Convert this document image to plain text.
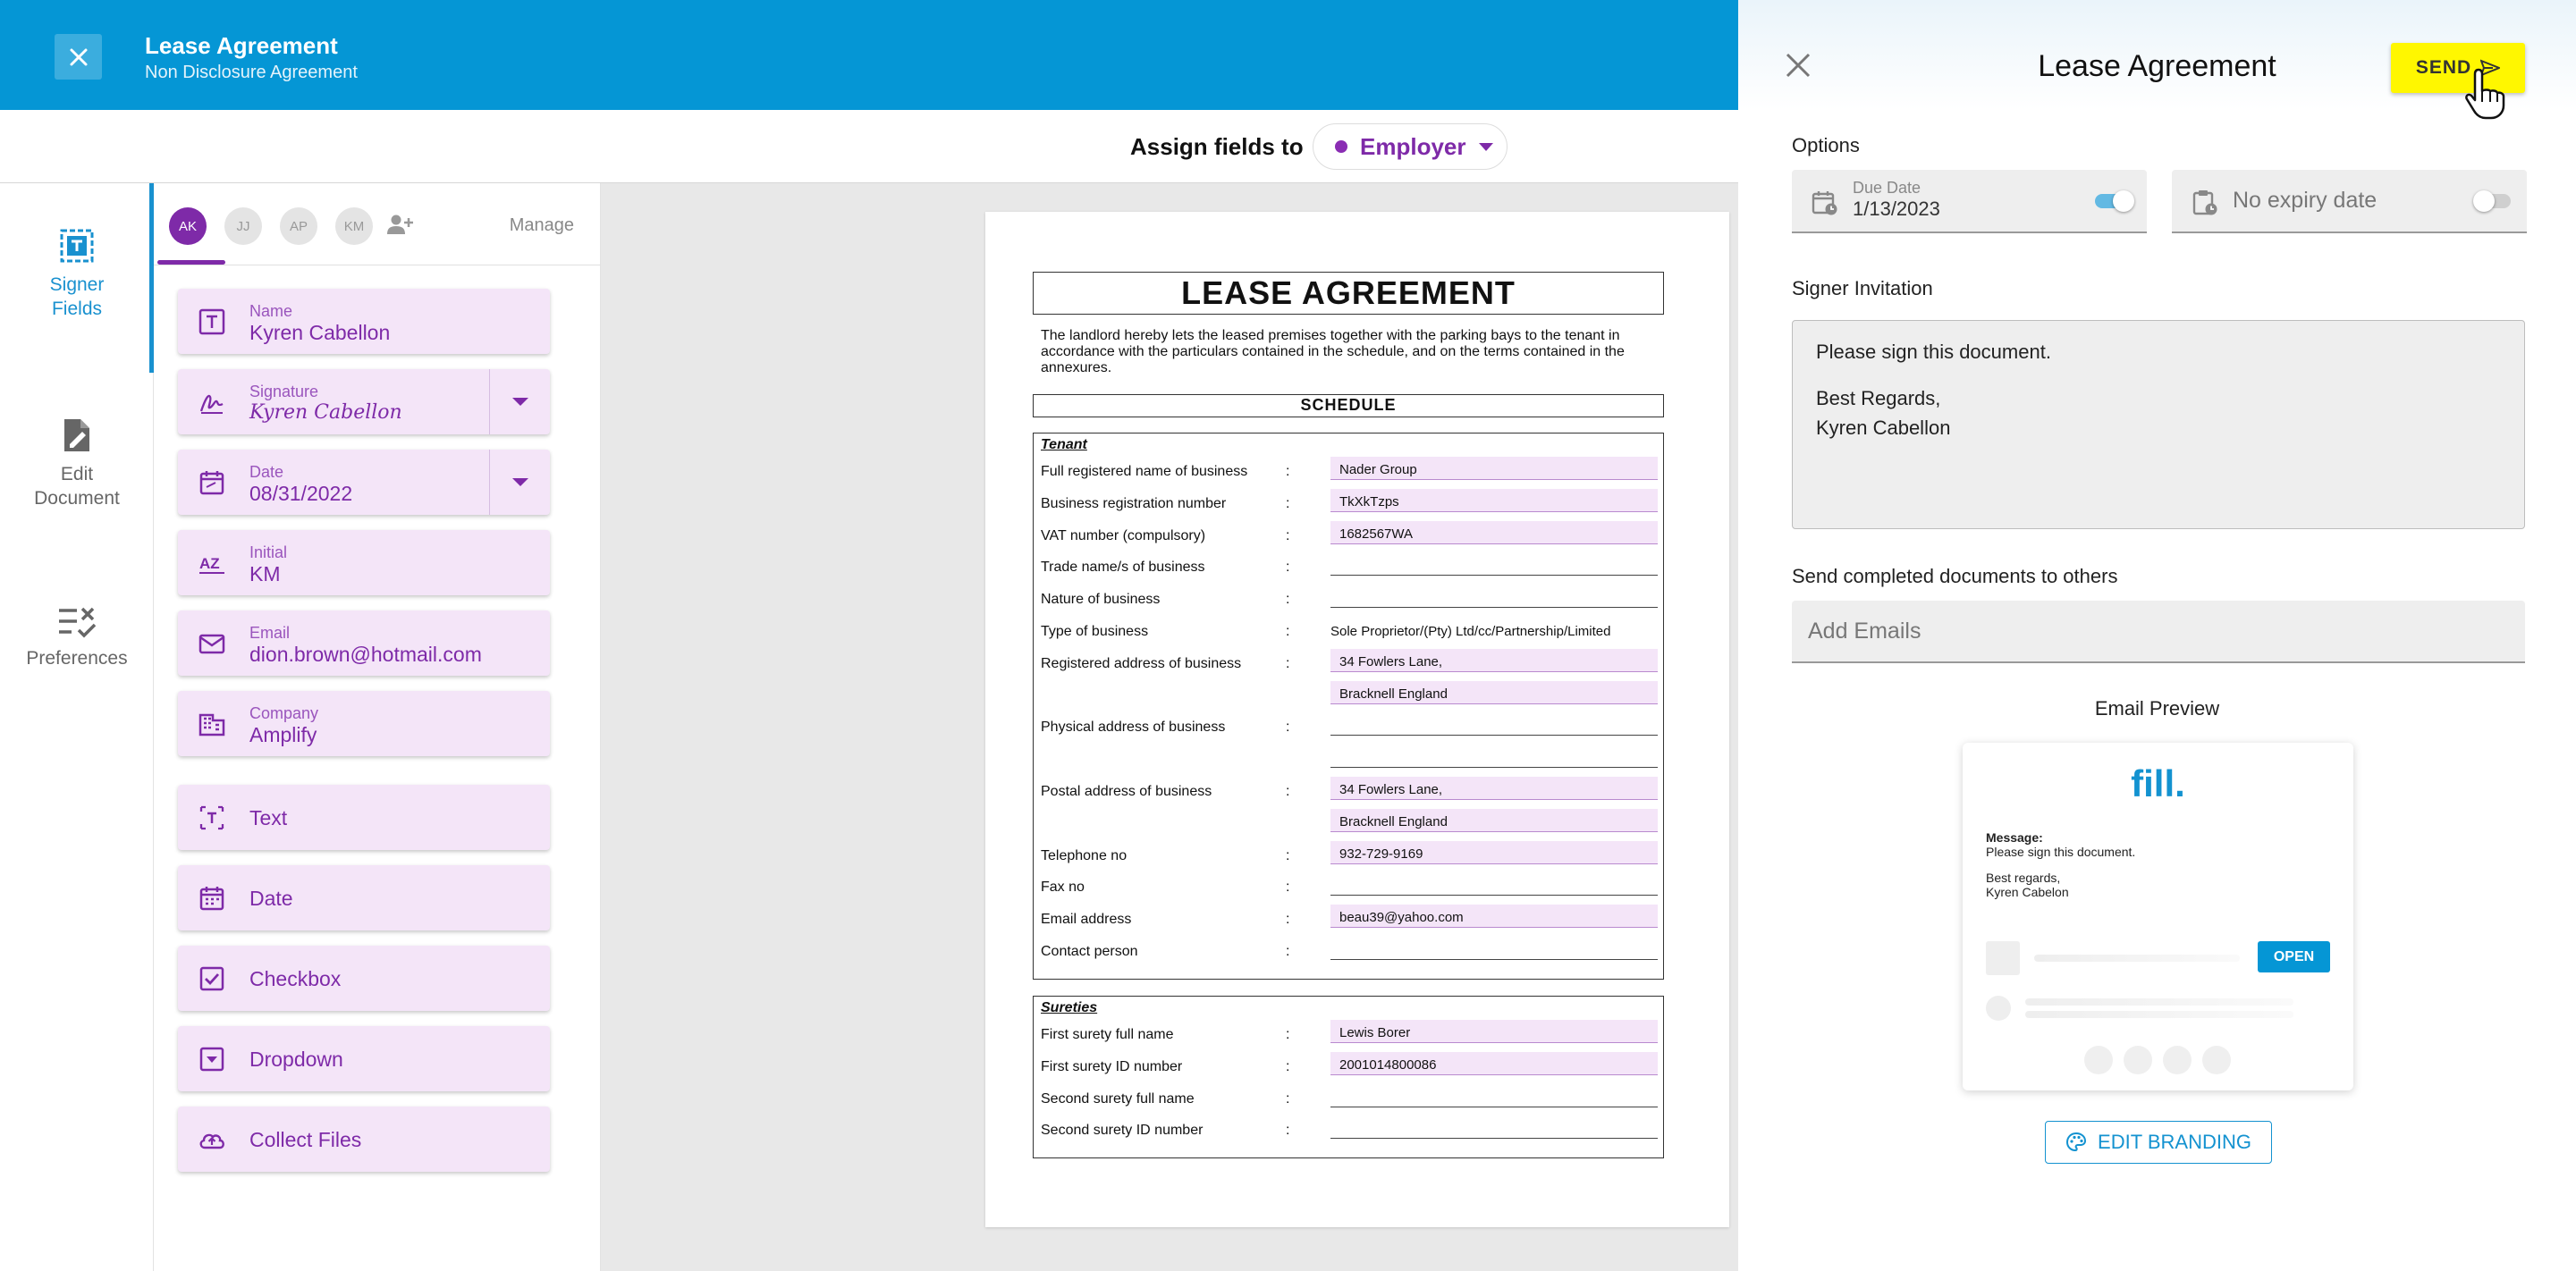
Lease Agreement
Non Disclosure Agreement
Assign fields to Employer
Signer
Fields
Edit
Document
Preferences
AK	JJ	AP	KM	Manage
Name
Kyren Cabellon
Signature
Kyren Cabellon
Date
08/31/2022
AZ
Initial
KM
Email
dion.brown@hotmail.com
Company
Amplify
Text
Date
Checkbox
Dropdown
Collect Files
LEASE AGREEMENT
The landlord hereby lets the leased premises together with the parking bays to the tenant in accordance with the particulars contained in the schedule, and on the terms contained in the annexures.
SCHEDULE
Tenant
Full registered name of business	:	Nader Group
Business registration number	:	TkXkTzps
VAT number (compulsory)	:	1682567WA
Trade name/s of business	:
Nature of business	:
Type of business	:	Sole Proprietor/(Pty) Ltd/cc/Partnership/Limited
Registered address of business	:	34 Fowlers Lane,
Bracknell England
Physical address of business	:
Postal address of business	:	34 Fowlers Lane,
Bracknell England
Telephone no	:	932-729-9169
Fax no	:
Email address	:	beau39@yahoo.com
Contact person	:
Sureties
First surety full name	:	Lewis Borer
First surety ID number	:	2001014800086
Second surety full name	:
Second surety ID number	:
Lease Agreement	SEND
Options
Due Date
1/13/2023	No expiry date
Signer Invitation
Please sign this document.
Best Regards,
Kyren Cabellon
Send completed documents to others
Add Emails
Email Preview
fill.
Message:
Please sign this document.
Best regards,
Kyren Cabelon
OPEN
EDIT BRANDING
